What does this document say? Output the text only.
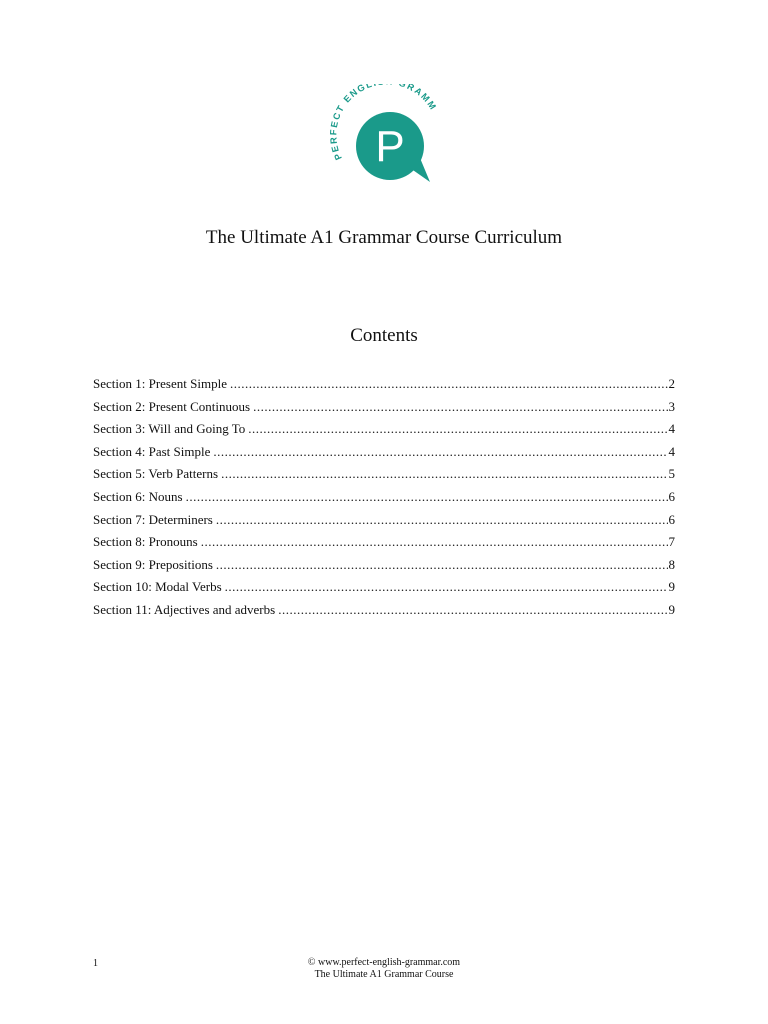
PERFECT ENGL RAMM
P
The Ultimate A1 Grammar Course Curriculum
Contents
Section 1: Present Simple .....	2
Section 2: Present Continuous .....	3
Section 3: Will and Going To .....	4
Section 4: Past Simple .....	4
Section 5: Verb Patterns .....	5
Section 6: Nouns .....	6
Section 7: Determiners .....	6
Section 8: Pronouns .....	7
Section 9: Prepositions .....	8
Section 10: Modal Verbs .....	9
Section 11: Adjectives and adverbs .....	9
1	© www.perfect-english-grammar.com
The Ultimate A1 Grammar Course
